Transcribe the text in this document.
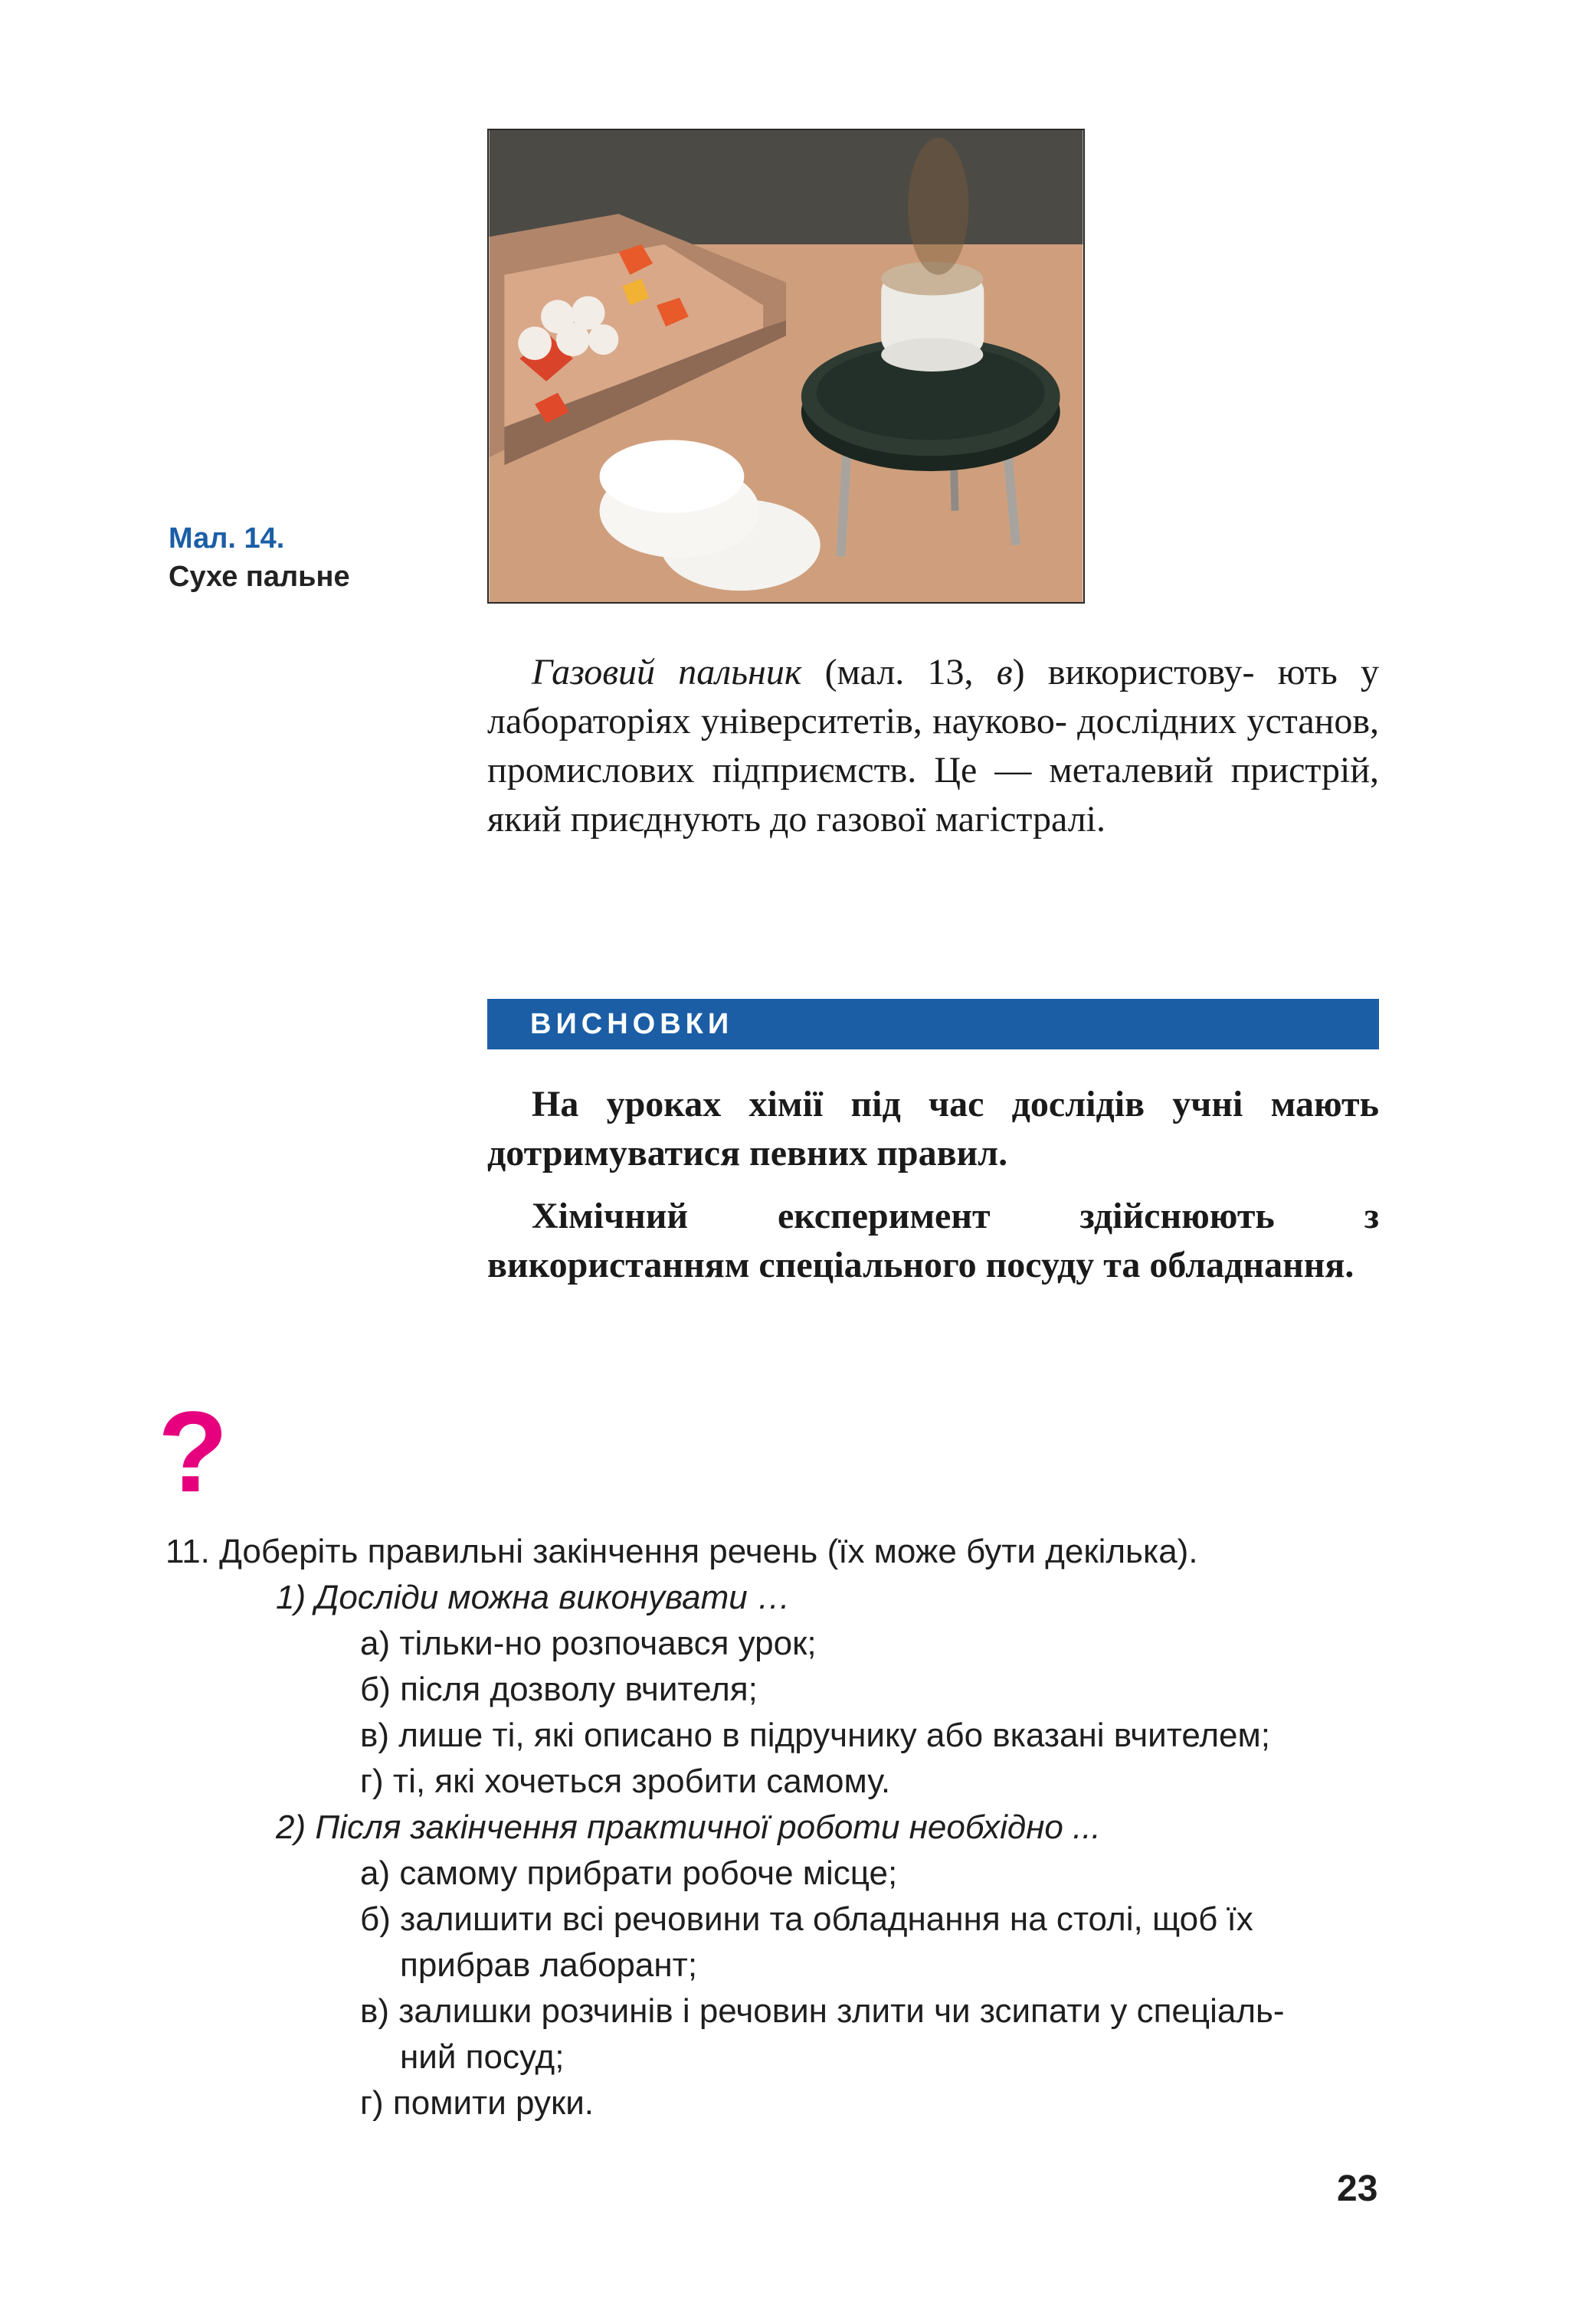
Мал. 14.
Сухе пальне
Газовий пальник (мал. 13, в) використову- ють у лабораторіях університетів, науково- дослідних установ, промислових підприємств. Це — металевий пристрій, який приєднують до газової магістралі.
ВИСНОВКИ

На уроках хімії під час дослідів учні мають дотримуватися певних правил.

Хімічний експеримент здійснюють з використанням спеціального посуду та обладнання.

?
11. Доберіть правильні закінчення речень (їх може бути декілька).
1) Досліди можна виконувати …
а) тільки-но розпочався урок;
б) після дозволу вчителя;
в) лише ті, які описано в підручнику або вказані вчителем;
г) ті, які хочеться зробити самому.
2) Після закінчення практичної роботи необхідно ...
а) самому прибрати робоче місце;
б) залишити всі речовини та обладнання на столі, щоб їх
прибрав лаборант;
в) залишки розчинів і речовин злити чи зсипати у спеціаль-
ний посуд;
г) помити руки.
23
